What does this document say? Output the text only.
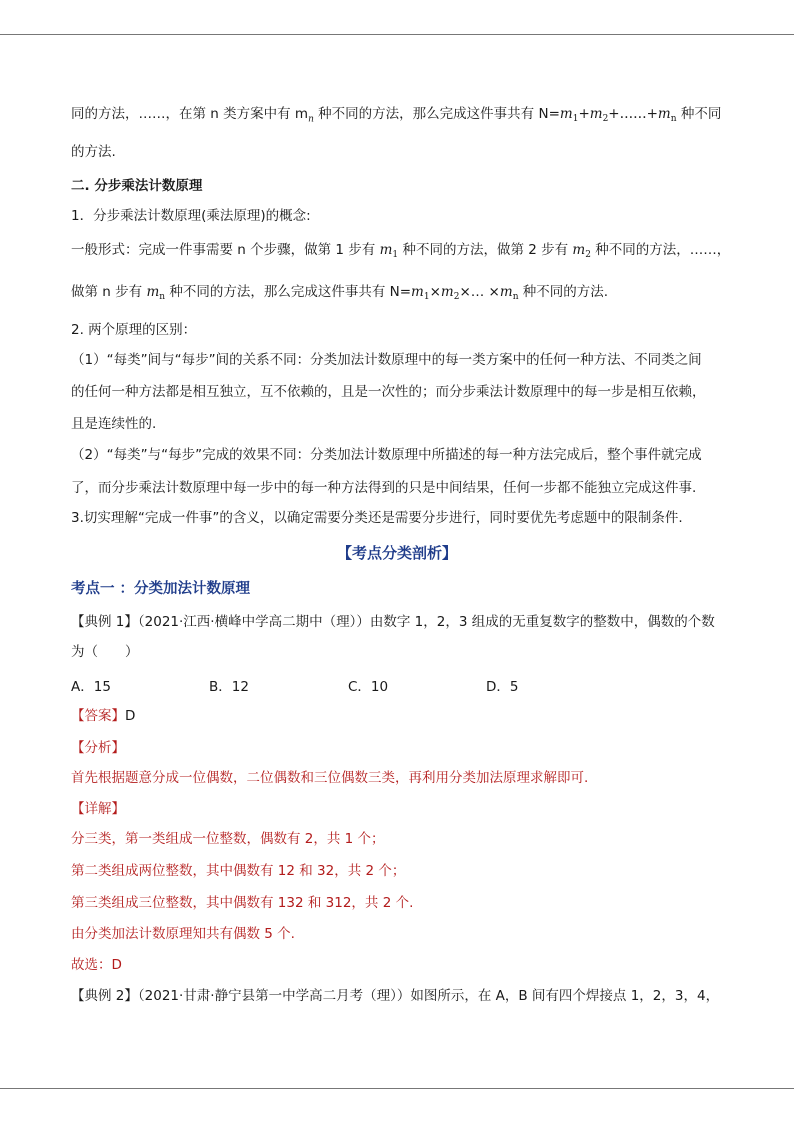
同的方法，……，在第 n 类方案中有 $m_n$ 种不同的方法，那么完成这件事共有 $N=m_1+m_2+\dots\dots+m_n$ 种不同
的方法.
二. 分步乘法计数原理
1．分步乘法计数原理(乘法原理)的概念:
一般形式：完成一件事需要 n 个步骤，做第 1 步有 $m_1$ 种不同的方法，做第 2 步有 $m_2$ 种不同的方法，……，
做第 n 步有 $m_n$ 种不同的方法，那么完成这件事共有 $N=m_1\times m_2\times\dots \times m_n$ 种不同的方法.
2. 两个原理的区别：
（1）“每类”间与“每步”间的关系不同：分类加法计数原理中的每一类方案中的任何一种方法、不同类之间
的任何一种方法都是相互独立，互不依赖的，且是一次性的；而分步乘法计数原理中的每一步是相互依赖，
且是连续性的.
（2）“每类”与“每步”完成的效果不同：分类加法计数原理中所描述的每一种方法完成后，整个事件就完成
了，而分步乘法计数原理中每一步中的每一种方法得到的只是中间结果，任何一步都不能独立完成这件事.
3.切实理解“完成一件事”的含义，以确定需要分类还是需要分步进行，同时要优先考虑题中的限制条件.
【考点分类剖析】
考点一 ：分类加法计数原理
【典例 1】（2021·江西·横峰中学高二期中（理））由数字 1，2，3 组成的无重复数字的整数中，偶数的个数
为（　　）
A．15	B．12	C．10	D．5
【答案】D
【分析】
首先根据题意分成一位偶数，二位偶数和三位偶数三类，再利用分类加法原理求解即可.
【详解】
分三类，第一类组成一位整数，偶数有 2，共 1 个；
第二类组成两位整数，其中偶数有 12 和 32，共 2 个；
第三类组成三位整数，其中偶数有 132 和 312，共 2 个.
由分类加法计数原理知共有偶数 5 个.
故选：D
【典例 2】（2021·甘肃·静宁县第一中学高二月考（理））如图所示，在 A，B 间有四个焊接点 1，2，3，4，
